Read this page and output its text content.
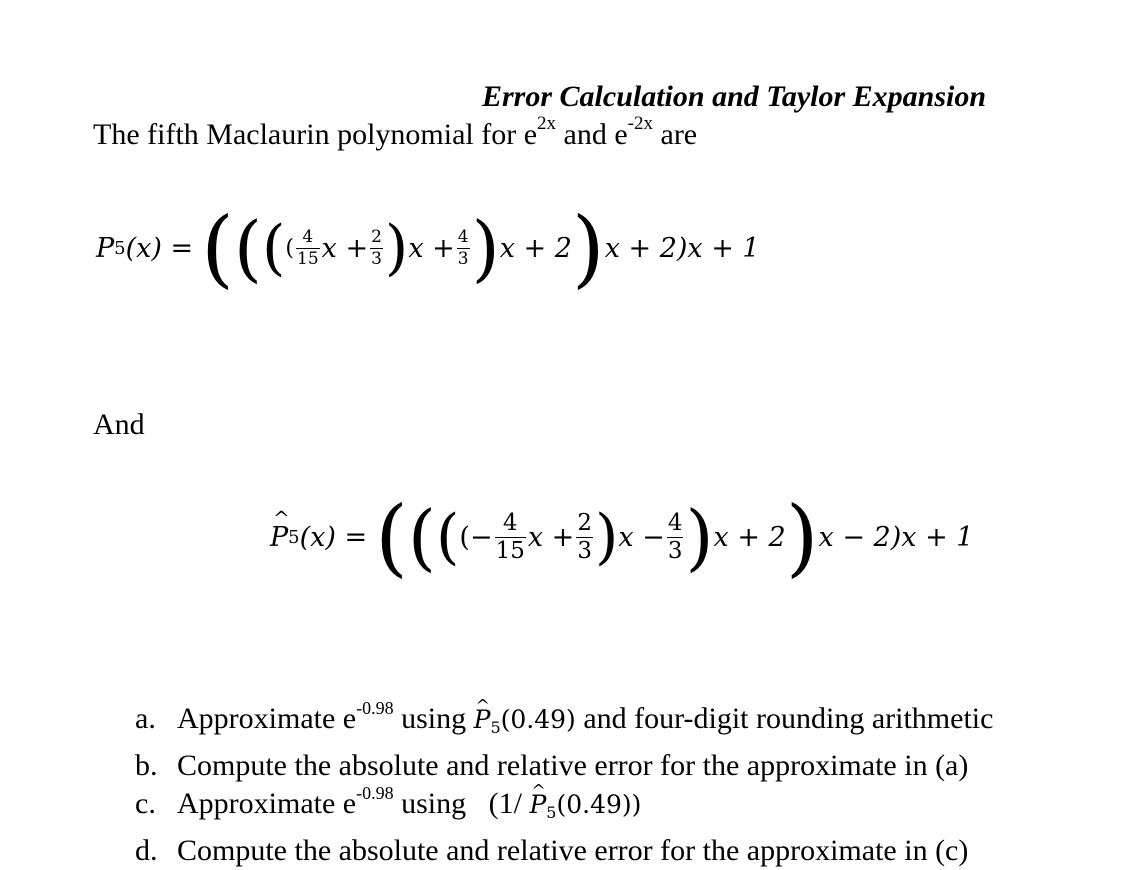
Error Calculation and Taylor Expansion
The fifth Maclaurin polynomial for $e^{2x}$ and $e^{-2x}$ are
P 5 (x) = ( ( ( ( $\frac{4}{15}$ $x + \frac{2}{3}$ ) $x + \frac{4}{3}$ ) x + 2 ) x + 2)x + 1
And
^ P 5 (x) = ( ( ( (− $\frac{4}{15}$ $x + \frac{2}{3}$ ) $x - \frac{4}{3}$ ) x + 2 ) x − 2)x + 1
a. Approximate $e^{-0.98}$ using ^ $P_5(0.49)$ and four-digit rounding arithmetic
b. Compute the absolute and relative error for the approximate in (a)
c. Approximate $e^{-0.98}$ using   (1/ ^ $P_5(0.49)$)
d. Compute the absolute and relative error for the approximate in (c)
